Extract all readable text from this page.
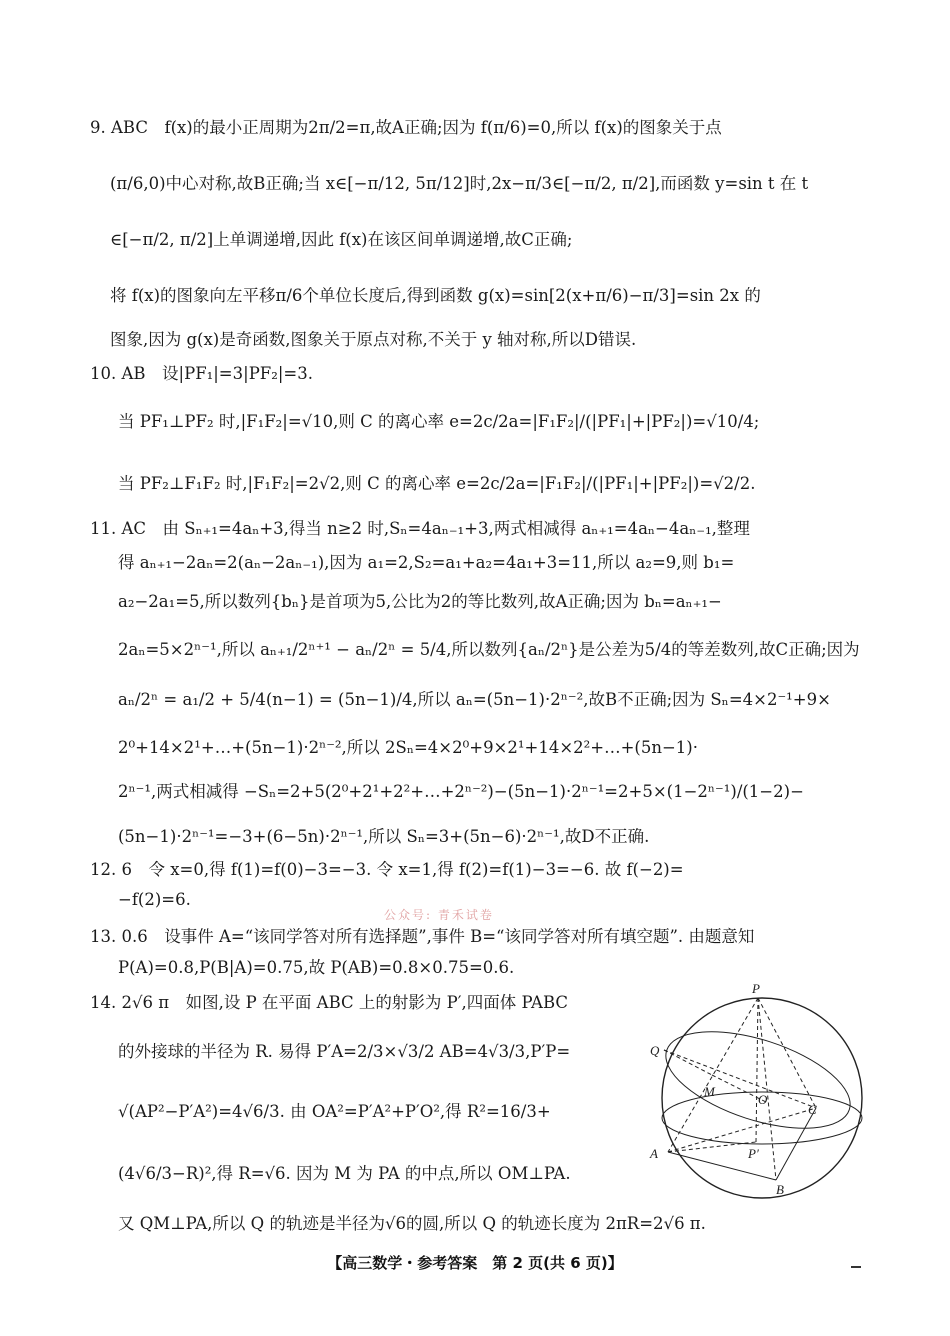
9. ABC　f(x)的最小正周期为2π/2=π,故A正确;因为 f(π/6)=0,所以 f(x)的图象关于点
(π/6,0)中心对称,故B正确;当 x∈[−π/12, 5π/12]时,2x−π/3∈[−π/2, π/2],而函数 y=sin t 在 t
∈[−π/2, π/2]上单调递增,因此 f(x)在该区间单调递增,故C正确;
将 f(x)的图象向左平移π/6个单位长度后,得到函数 g(x)=sin[2(x+π/6)−π/3]=sin 2x 的
图象,因为 g(x)是奇函数,图象关于原点对称,不关于 y 轴对称,所以D错误.
10. AB　设|PF₁|=3|PF₂|=3.
当 PF₁⊥PF₂ 时,|F₁F₂|=√10,则 C 的离心率 e=2c/2a=|F₁F₂|/(|PF₁|+|PF₂|)=√10/4;
当 PF₂⊥F₁F₂ 时,|F₁F₂|=2√2,则 C 的离心率 e=2c/2a=|F₁F₂|/(|PF₁|+|PF₂|)=√2/2.
11. AC　由 Sₙ₊₁=4aₙ+3,得当 n≥2 时,Sₙ=4aₙ₋₁+3,两式相减得 aₙ₊₁=4aₙ−4aₙ₋₁,整理
得 aₙ₊₁−2aₙ=2(aₙ−2aₙ₋₁),因为 a₁=2,S₂=a₁+a₂=4a₁+3=11,所以 a₂=9,则 b₁=
a₂−2a₁=5,所以数列{bₙ}是首项为5,公比为2的等比数列,故A正确;因为 bₙ=aₙ₊₁−
2aₙ=5×2ⁿ⁻¹,所以 aₙ₊₁/2ⁿ⁺¹ − aₙ/2ⁿ = 5/4,所以数列{aₙ/2ⁿ}是公差为5/4的等差数列,故C正确;因为
aₙ/2ⁿ = a₁/2 + 5/4(n−1) = (5n−1)/4,所以 aₙ=(5n−1)·2ⁿ⁻²,故B不正确;因为 Sₙ=4×2⁻¹+9×
2⁰+14×2¹+…+(5n−1)·2ⁿ⁻²,所以 2Sₙ=4×2⁰+9×2¹+14×2²+…+(5n−1)·
2ⁿ⁻¹,两式相减得 −Sₙ=2+5(2⁰+2¹+2²+…+2ⁿ⁻²)−(5n−1)·2ⁿ⁻¹=2+5×(1−2ⁿ⁻¹)/(1−2)−
(5n−1)·2ⁿ⁻¹=−3+(6−5n)·2ⁿ⁻¹,所以 Sₙ=3+(5n−6)·2ⁿ⁻¹,故D不正确.
12. 6　令 x=0,得 f(1)=f(0)−3=−3. 令 x=1,得 f(2)=f(1)−3=−6. 故 f(−2)=
−f(2)=6.
公众号: 青禾试卷
13. 0.6　设事件 A=“该同学答对所有选择题”,事件 B=“该同学答对所有填空题”. 由题意知
P(A)=0.8,P(B|A)=0.75,故 P(AB)=0.8×0.75=0.6.
14. 2√6 π　如图,设 P 在平面 ABC 上的射影为 P′,四面体 PABC
的外接球的半径为 R. 易得 P′A=2/3×√3/2 AB=4√3/3,P′P=
√(AP²−P′A²)=4√6/3. 由 OA²=P′A²+P′O²,得 R²=16/3+
(4√6/3−R)²,得 R=√6. 因为 M 为 PA 的中点,所以 OM⊥PA.
又 QM⊥PA,所以 Q 的轨迹是半径为√6的圆,所以 Q 的轨迹长度为 2πR=2√6 π.
P
Q
M
O
C
A	P′
B
【高三数学・参考答案　第 2 页(共 6 页)】
